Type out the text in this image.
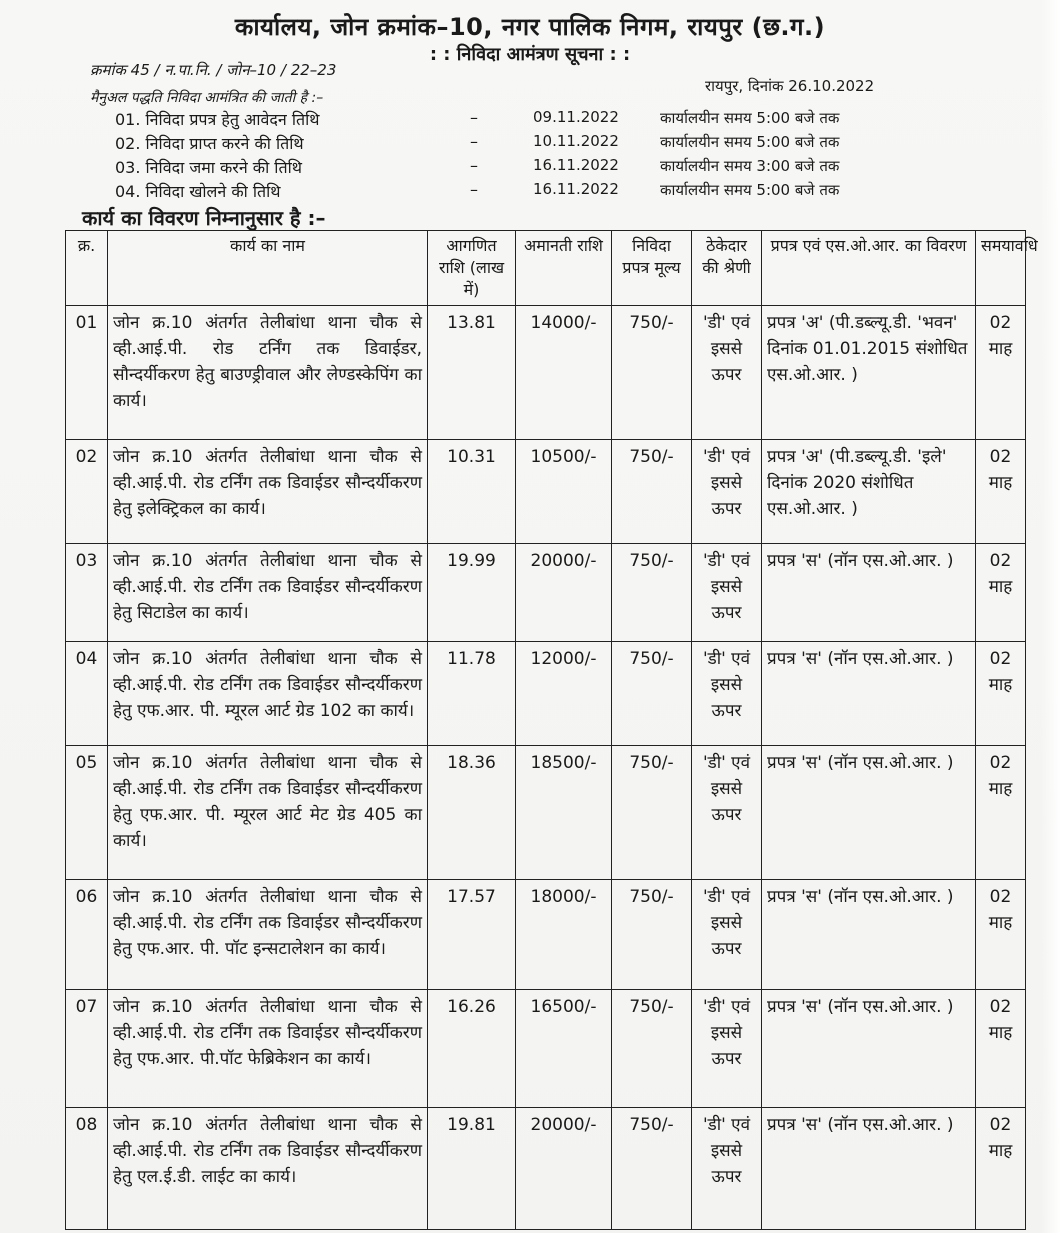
कार्यालय, जोन क्रमांक–10, नगर पालिक निगम, रायपुर (छ.ग.)
: : निविदा आमंत्रण सूचना : :
क्रमांक 45 / न.पा.नि. / जोन–10 / 22–23
रायपुर, दिनांक 26.10.2022
मैनुअल पद्धति निविदा आमंत्रित की जाती है :–
01. निविदा प्रपत्र हेतु आवेदन तिथि	–	09.11.2022	कार्यालयीन समय 5:00 बजे तक
02. निविदा प्राप्त करने की तिथि	–	10.11.2022	कार्यालयीन समय 5:00 बजे तक
03. निविदा जमा करने की तिथि	–	16.11.2022	कार्यालयीन समय 3:00 बजे तक
04. निविदा खोलने की तिथि	–	16.11.2022	कार्यालयीन समय 5:00 बजे तक
कार्य का विवरण निम्नानुसार है :–
क्र.	कार्य का नाम	आगणित राशि (लाख में)	अमानती राशि	निविदा प्रपत्र मूल्य	ठेकेदार की श्रेणी	प्रपत्र एवं एस.ओ.आर. का विवरण	समयावधि
01	जोन क्र.10 अंतर्गत तेलीबांधा थाना चौक से व्ही.आई.पी. रोड टर्निंग तक डिवाईडर, सौन्दर्यीकरण हेतु बाउण्ड्रीवाल और लेण्डस्केपिंग का कार्य।	13.81	14000/-	750/-	'डी' एवं इससे ऊपर	प्रपत्र 'अ' (पी.डब्ल्यू.डी. 'भवन' दिनांक 01.01.2015 संशोधित एस.ओ.आर. )	02 माह
02	जोन क्र.10 अंतर्गत तेलीबांधा थाना चौक से व्ही.आई.पी. रोड टर्निंग तक डिवाईडर सौन्दर्यीकरण हेतु इलेक्ट्रिकल का कार्य।	10.31	10500/-	750/-	'डी' एवं इससे ऊपर	प्रपत्र 'अ' (पी.डब्ल्यू.डी. 'इले' दिनांक 2020 संशोधित एस.ओ.आर. )	02 माह
03	जोन क्र.10 अंतर्गत तेलीबांधा थाना चौक से व्ही.आई.पी. रोड टर्निंग तक डिवाईडर सौन्दर्यीकरण हेतु सिटाडेल का कार्य।	19.99	20000/-	750/-	'डी' एवं इससे ऊपर	प्रपत्र 'स' (नॉन एस.ओ.आर. )	02 माह
04	जोन क्र.10 अंतर्गत तेलीबांधा थाना चौक से व्ही.आई.पी. रोड टर्निंग तक डिवाईडर सौन्दर्यीकरण हेतु एफ.आर. पी. म्यूरल आर्ट ग्रेड 102 का कार्य।	11.78	12000/-	750/-	'डी' एवं इससे ऊपर	प्रपत्र 'स' (नॉन एस.ओ.आर. )	02 माह
05	जोन क्र.10 अंतर्गत तेलीबांधा थाना चौक से व्ही.आई.पी. रोड टर्निंग तक डिवाईडर सौन्दर्यीकरण हेतु एफ.आर. पी. म्यूरल आर्ट मेट ग्रेड 405 का कार्य।	18.36	18500/-	750/-	'डी' एवं इससे ऊपर	प्रपत्र 'स' (नॉन एस.ओ.आर. )	02 माह
06	जोन क्र.10 अंतर्गत तेलीबांधा थाना चौक से व्ही.आई.पी. रोड टर्निंग तक डिवाईडर सौन्दर्यीकरण हेतु एफ.आर. पी. पॉट इन्सटालेशन का कार्य।	17.57	18000/-	750/-	'डी' एवं इससे ऊपर	प्रपत्र 'स' (नॉन एस.ओ.आर. )	02 माह
07	जोन क्र.10 अंतर्गत तेलीबांधा थाना चौक से व्ही.आई.पी. रोड टर्निंग तक डिवाईडर सौन्दर्यीकरण हेतु एफ.आर. पी.पॉट फेब्रिकेशन का कार्य।	16.26	16500/-	750/-	'डी' एवं इससे ऊपर	प्रपत्र 'स' (नॉन एस.ओ.आर. )	02 माह
08	जोन क्र.10 अंतर्गत तेलीबांधा थाना चौक से व्ही.आई.पी. रोड टर्निंग तक डिवाईडर सौन्दर्यीकरण हेतु एल.ई.डी. लाईट का कार्य।	19.81	20000/-	750/-	'डी' एवं इससे ऊपर	प्रपत्र 'स' (नॉन एस.ओ.आर. )	02 माह
